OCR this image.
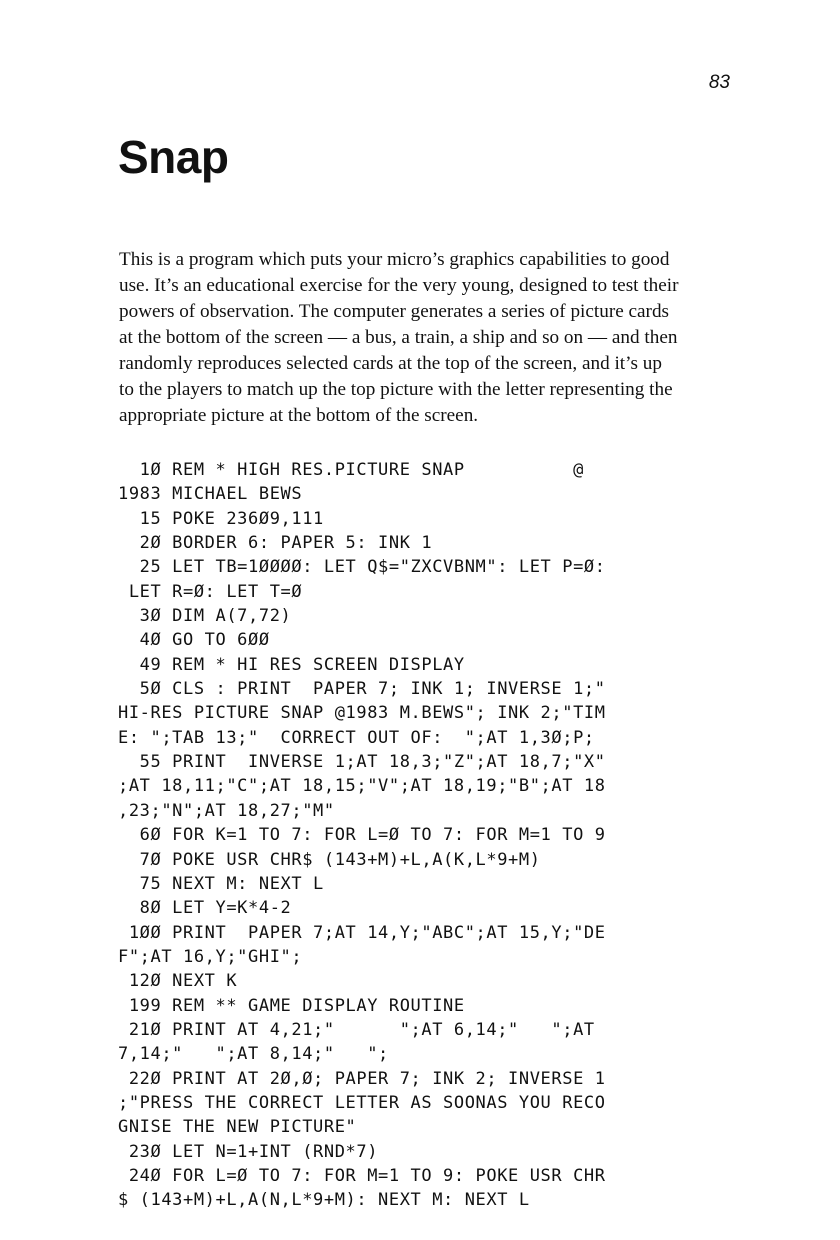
83
Snap
This is a program which puts your micro’s graphics capabilities to good
use. It’s an educational exercise for the very young, designed to test their
powers of observation. The computer generates a series of picture cards
at the bottom of the screen — a bus, a train, a ship and so on — and then
randomly reproduces selected cards at the top of the screen, and it’s up
to the players to match up the top picture with the letter representing the
appropriate picture at the bottom of the screen.
1Ø REM * HIGH RES.PICTURE SNAP          @
1983 MICHAEL BEWS
15 POKE 236Ø9,111
2Ø BORDER 6: PAPER 5: INK 1
25 LET TB=1ØØØØ: LET Q$="ZXCVBNM": LET P=Ø:
LET R=Ø: LET T=Ø
3Ø DIM A(7,72)
4Ø GO TO 6ØØ
49 REM * HI RES SCREEN DISPLAY
5Ø CLS : PRINT  PAPER 7; INK 1; INVERSE 1;"
HI-RES PICTURE SNAP @1983 M.BEWS"; INK 2;"TIM
E: ";TAB 13;"  CORRECT OUT OF:  ";AT 1,3Ø;P;
55 PRINT  INVERSE 1;AT 18,3;"Z";AT 18,7;"X"
;AT 18,11;"C";AT 18,15;"V";AT 18,19;"B";AT 18
,23;"N";AT 18,27;"M"
6Ø FOR K=1 TO 7: FOR L=Ø TO 7: FOR M=1 TO 9
7Ø POKE USR CHR$ (143+M)+L,A(K,L*9+M)
75 NEXT M: NEXT L
8Ø LET Y=K*4-2
1ØØ PRINT  PAPER 7;AT 14,Y;"ABC";AT 15,Y;"DE
F";AT 16,Y;"GHI";
12Ø NEXT K
199 REM ** GAME DISPLAY ROUTINE
21Ø PRINT AT 4,21;"      ";AT 6,14;"   ";AT
7,14;"   ";AT 8,14;"   ";
22Ø PRINT AT 2Ø,Ø; PAPER 7; INK 2; INVERSE 1
;"PRESS THE CORRECT LETTER AS SOONAS YOU RECO
GNISE THE NEW PICTURE"
23Ø LET N=1+INT (RND*7)
24Ø FOR L=Ø TO 7: FOR M=1 TO 9: POKE USR CHR
$ (143+M)+L,A(N,L*9+M): NEXT M: NEXT L
